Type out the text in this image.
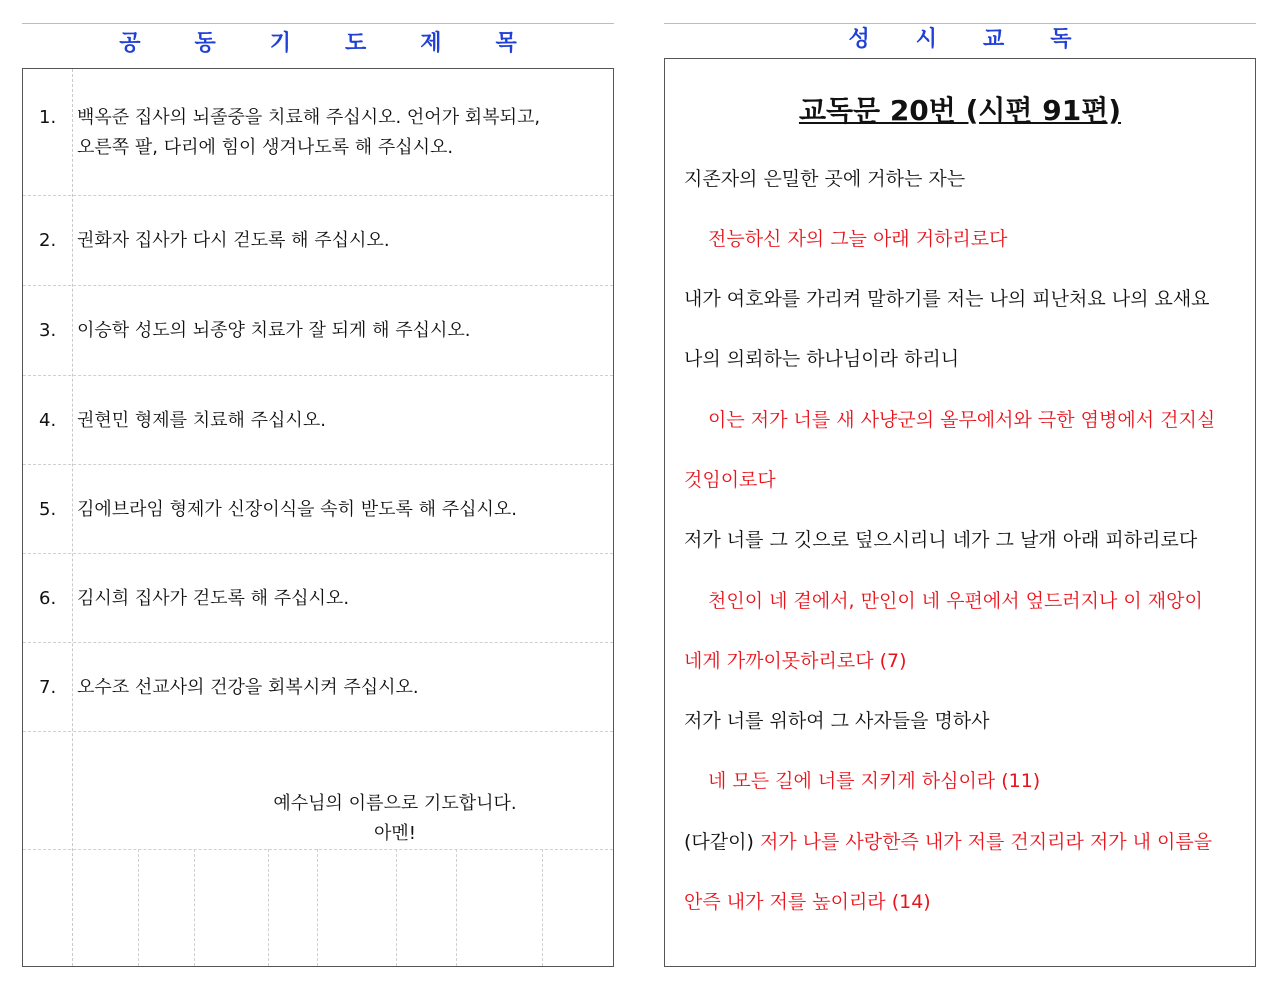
공 동 기 도 제 목
1. 백옥준 집사의 뇌졸중을 치료해 주십시오. 언어가 회복되고,
오른쪽 팔, 다리에 힘이 생겨나도록 해 주십시오.
2. 권화자 집사가 다시 걷도록 해 주십시오.
3. 이승학 성도의 뇌종양 치료가 잘 되게 해 주십시오.
4. 권현민 형제를 치료해 주십시오.
5. 김에브라임 형제가 신장이식을 속히 받도록 해 주십시오.
6. 김시희 집사가 걷도록 해 주십시오.
7. 오수조 선교사의 건강을 회복시켜 주십시오.
예수님의 이름으로 기도합니다.
아멘!
성 시 교 독
교독문 20번 (시편 91편)
지존자의 은밀한 곳에 거하는 자는
전능하신 자의 그늘 아래 거하리로다
내가 여호와를 가리켜 말하기를 저는 나의 피난처요 나의 요새요
나의 의뢰하는 하나님이라 하리니
이는 저가 너를 새 사냥군의 올무에서와 극한 염병에서 건지실
것임이로다
저가 너를 그 깃으로 덮으시리니 네가 그 날개 아래 피하리로다
천인이 네 곁에서, 만인이 네 우편에서 엎드러지나 이 재앙이
네게 가까이못하리로다 (7)
저가 너를 위하여 그 사자들을 명하사
네 모든 길에 너를 지키게 하심이라 (11)
(다같이) 저가 나를 사랑한즉 내가 저를 건지리라 저가 내 이름을
안즉 내가 저를 높이리라 (14)
